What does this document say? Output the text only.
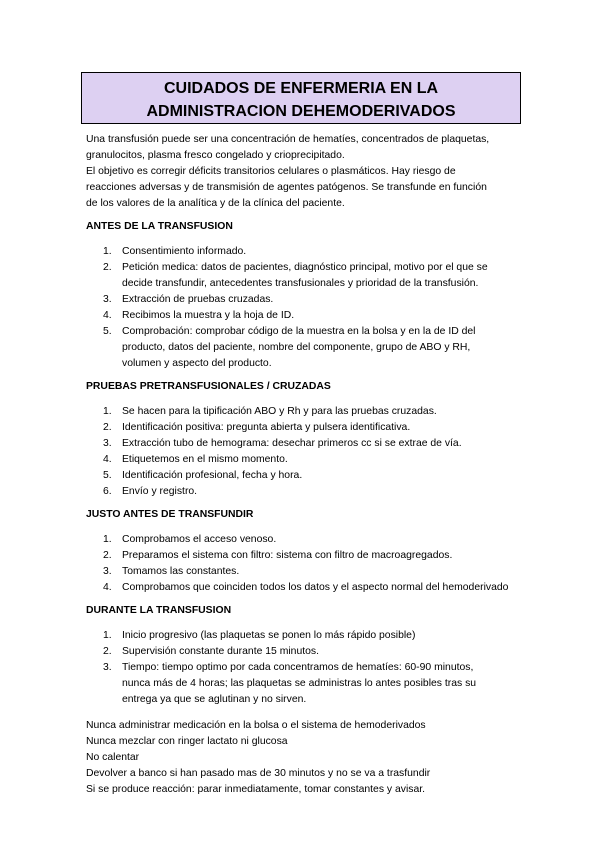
CUIDADOS DE ENFERMERIA EN LA
ADMINISTRACION DEHEMODERIVADOS

Una transfusión puede ser una concentración de hematíes, concentrados de plaquetas,

granulocitos, plasma fresco congelado y crioprecipitado.

El objetivo es corregir déficits transitorios celulares o plasmáticos. Hay riesgo de

reacciones adversas y de transmisión de agentes patógenos. Se transfunde en función

de los valores de la analítica y de la clínica del paciente.

ANTES DE LA TRANSFUSION
1. Consentimiento informado.
2. Petición medica: datos de pacientes, diagnóstico principal, motivo por el que se
decide transfundir, antecedentes transfusionales y prioridad de la transfusión.
3. Extracción de pruebas cruzadas.
4. Recibimos la muestra y la hoja de ID.
5. Comprobación: comprobar código de la muestra en la bolsa y en la de ID del
producto, datos del paciente, nombre del componente, grupo de ABO y RH,
volumen y aspecto del producto.
PRUEBAS PRETRANSFUSIONALES / CRUZADAS
1. Se hacen para la tipificación ABO y Rh y para las pruebas cruzadas.
2. Identificación positiva: pregunta abierta y pulsera identificativa.
3. Extracción tubo de hemograma: desechar primeros cc si se extrae de vía.
4. Etiquetemos en el mismo momento.
5. Identificación profesional, fecha y hora.
6. Envío y registro.
JUSTO ANTES DE TRANSFUNDIR
1. Comprobamos el acceso venoso.
2. Preparamos el sistema con filtro: sistema con filtro de macroagregados.
3. Tomamos las constantes.
4. Comprobamos que coinciden todos los datos y el aspecto normal del hemoderivado
DURANTE LA TRANSFUSION
1. Inicio progresivo (las plaquetas se ponen lo más rápido posible)
2. Supervisión constante durante 15 minutos.
3. Tiempo: tiempo optimo por cada concentramos de hematíes: 60-90 minutos,
nunca más de 4 horas; las plaquetas se administras lo antes posibles tras su
entrega ya que se aglutinan y no sirven.

Nunca administrar medicación en la bolsa o el sistema de hemoderivados

Nunca mezclar con ringer lactato ni glucosa

No calentar

Devolver a banco si han pasado mas de 30 minutos y no se va a trasfundir

Si se produce reacción: parar inmediatamente, tomar constantes y avisar.
